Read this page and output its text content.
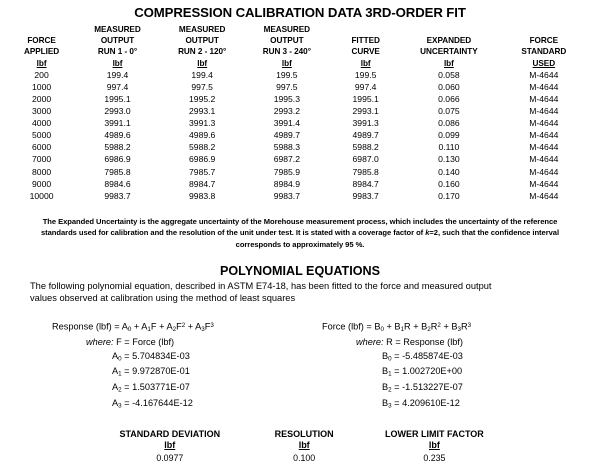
COMPRESSION CALIBRATION DATA 3RD-ORDER FIT
	MEASURED	MEASURED	MEASURED			
FORCE	OUTPUT	OUTPUT	OUTPUT	FITTED	EXPANDED	FORCE
APPLIED	RUN 1 - 0°	RUN 2 - 120°	RUN 3 - 240°	CURVE	UNCERTAINTY	STANDARD
lbf	lbf	lbf	lbf	lbf	lbf	USED
200	199.4	199.4	199.5	199.5	0.058	M-4644
1000	997.4	997.5	997.5	997.4	0.060	M-4644
2000	1995.1	1995.2	1995.3	1995.1	0.066	M-4644
3000	2993.0	2993.1	2993.2	2993.1	0.075	M-4644
4000	3991.1	3991.3	3991.4	3991.3	0.086	M-4644
5000	4989.6	4989.6	4989.7	4989.7	0.099	M-4644
6000	5988.2	5988.2	5988.3	5988.2	0.110	M-4644
7000	6986.9	6986.9	6987.2	6987.0	0.130	M-4644
8000	7985.8	7985.7	7985.9	7985.8	0.140	M-4644
9000	8984.6	8984.7	8984.9	8984.7	0.160	M-4644
10000	9983.7	9983.8	9983.7	9983.7	0.170	M-4644
The Expanded Uncertainty is the aggregate uncertainty of the Morehouse measurement process, which includes the uncertainty of the reference
standards used for calibration and the resolution of the unit under test. It is stated with a coverage factor of k=2, such that the confidence interval
corresponds to approximately 95 %.
POLYNOMIAL EQUATIONS
The following polynomial equation, described in ASTM E74-18, has been fitted to the force and measured output
values observed at calibration using the method of least squares
Response $(lbf) = A_0 + A_1F + A_2F^2 + A_3F^3$
where: F = Force (lbf)
$A_0 = 5.704834E-03$
$A_1 = 9.972870E-01$
$A_2 = 1.503771E-07$
$A_3 = -4.167644E-12$
Force $(lbf) = B_0 + B_1R + B_2R^2 + B_3R^3$
where: R = Response (lbf)
$B_0 = -5.485874E-03$
$B_1 = 1.002720E+00$
$B_2 = -1.513227E-07$
$B_3 = 4.209610E-12$
STANDARD DEVIATION	RESOLUTION	LOWER LIMIT FACTOR
lbf	lbf	lbf
0.0977	0.100	0.235
